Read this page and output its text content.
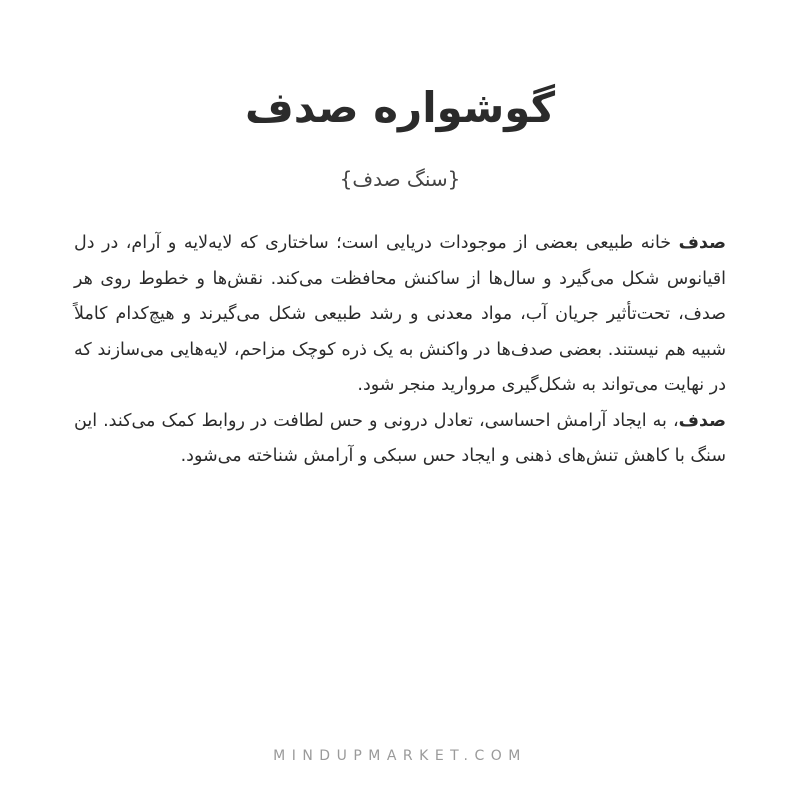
گوشواره صدف
{سنگ صدف}

صدف خانه طبیعی بعضی از موجودات دریایی است؛ ساختاری که لایه‌لایه و آرام، در دل اقیانوس شکل می‌گیرد و سال‌ها از ساکنش محافظت می‌کند. نقش‌ها و خطوط روی هر صدف، تحت‌تأثیر جریان آب، مواد معدنی و رشد طبیعی شکل می‌گیرند و هیچ‌کدام کاملاً شبیه هم نیستند. بعضی صدف‌ها در واکنش به یک ذره کوچک مزاحم، لایه‌هایی می‌سازند که در نهایت می‌تواند به شکل‌گیری مروارید منجر شود.

صدف، به ایجاد آرامش احساسی، تعادل درونی و حس لطافت در روابط کمک می‌کند. این سنگ با کاهش تنش‌های ذهنی و ایجاد حس سبکی و آرامش شناخته می‌شود.

MINDUPMARKET.COM
